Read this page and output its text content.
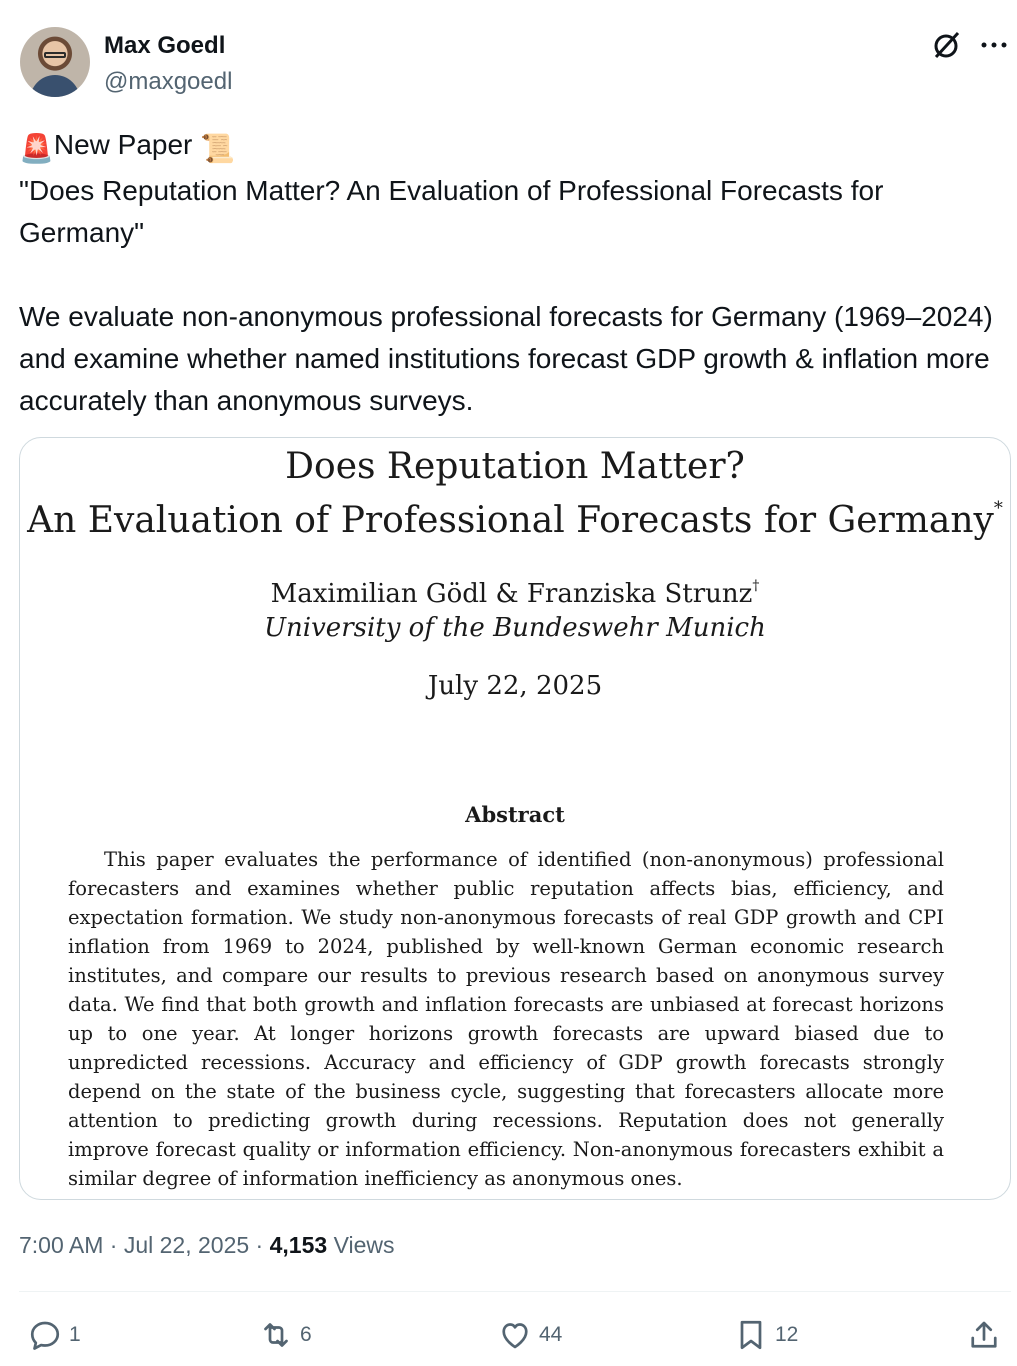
Max Goedl
@maxgoedl
🚨New Paper 📜
"Does Reputation Matter? An Evaluation of Professional Forecasts for Germany"
We evaluate non-anonymous professional forecasts for Germany (1969–2024) and examine whether named institutions forecast GDP growth & inflation more accurately than anonymous surveys.
Does Reputation Matter?
An Evaluation of Professional Forecasts for Germany*
Maximilian Gödl & Franziska Strunz†
University of the Bundeswehr Munich
July 22, 2025
Abstract
This paper evaluates the performance of identified (non-anonymous) professional forecasters and examines whether public reputation affects bias, efficiency, and expectation formation. We study non-anonymous forecasts of real GDP growth and CPI inflation from 1969 to 2024, published by well-known German economic research institutes, and compare our results to previous research based on anonymous survey data. We find that both growth and inflation forecasts are unbiased at forecast horizons up to one year. At longer horizons growth forecasts are upward biased due to unpredicted recessions. Accuracy and efficiency of GDP growth forecasts strongly depend on the state of the business cycle, suggesting that forecasters allocate more attention to predicting growth during recessions. Reputation does not generally improve forecast quality or information efficiency. Non-anonymous forecasters exhibit a similar degree of information inefficiency as anonymous ones.
7:00 AM · Jul 22, 2025 · 4,153 Views
1	6	44	12
